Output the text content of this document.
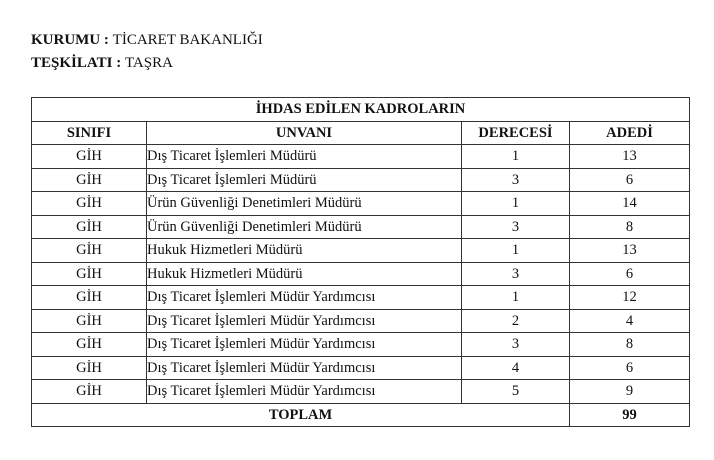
KURUMU : TİCARET BAKANLIĞI
TEŞKİLATI : TAŞRA
İHDAS EDİLEN KADROLARIN			
SINIFI	UNVANI	DERECESİ	ADEDİ
GİH	Dış Ticaret İşlemleri Müdürü	1	13
GİH	Dış Ticaret İşlemleri Müdürü	3	6
GİH	Ürün Güvenliği Denetimleri Müdürü	1	14
GİH	Ürün Güvenliği Denetimleri Müdürü	3	8
GİH	Hukuk Hizmetleri Müdürü	1	13
GİH	Hukuk Hizmetleri Müdürü	3	6
GİH	Dış Ticaret İşlemleri Müdür Yardımcısı	1	12
GİH	Dış Ticaret İşlemleri Müdür Yardımcısı	2	4
GİH	Dış Ticaret İşlemleri Müdür Yardımcısı	3	8
GİH	Dış Ticaret İşlemleri Müdür Yardımcısı	4	6
GİH	Dış Ticaret İşlemleri Müdür Yardımcısı	5	9
TOPLAM			99
